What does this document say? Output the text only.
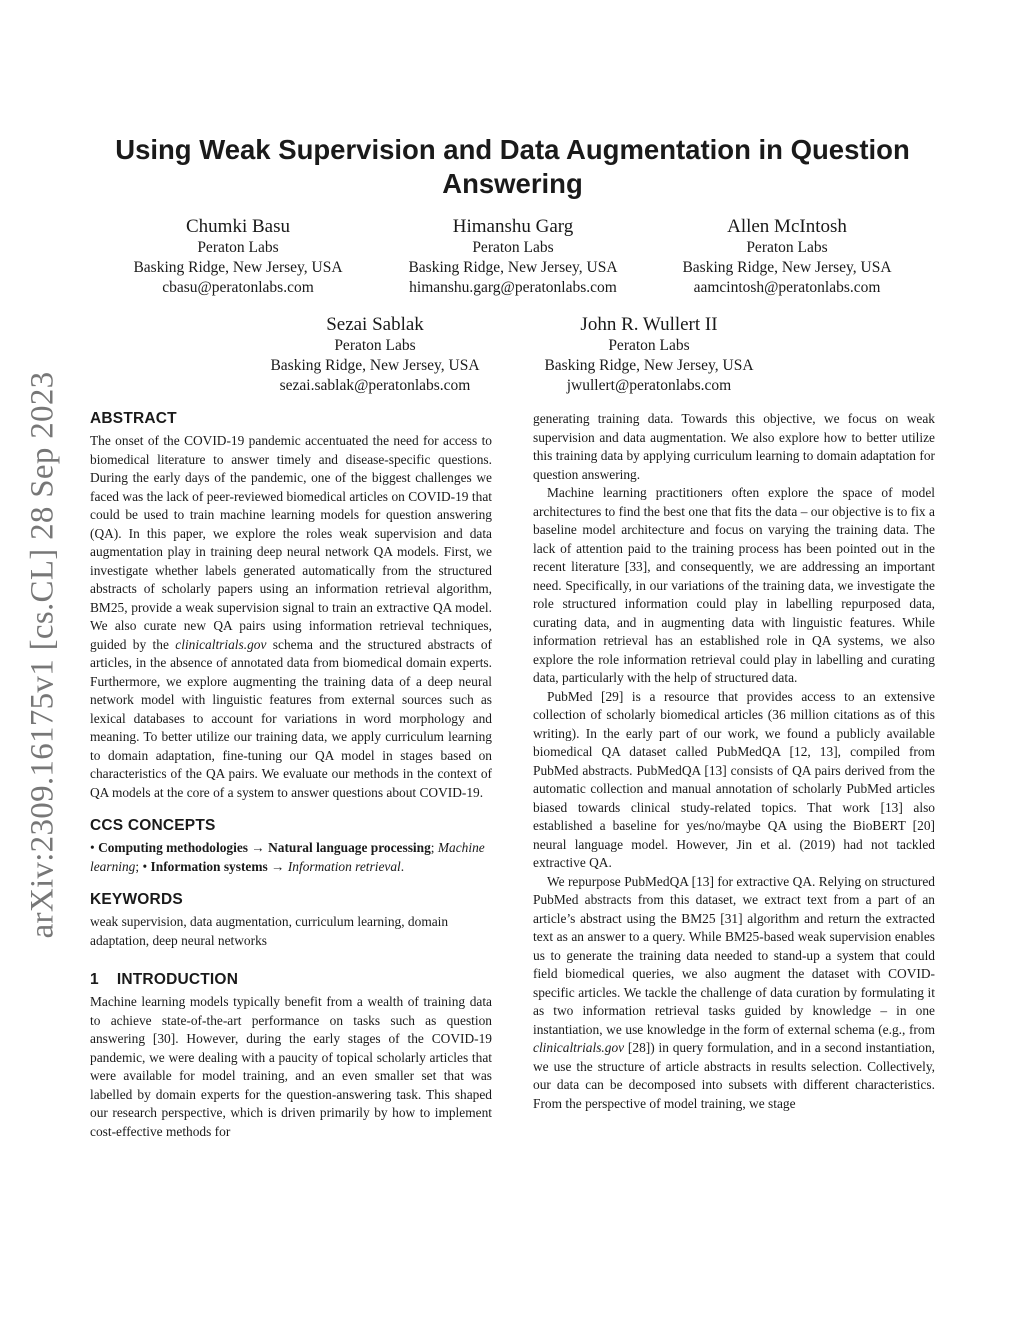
arXiv:2309.16175v1 [cs.CL] 28 Sep 2023
Using Weak Supervision and Data Augmentation in Question Answering
Chumki Basu
Peraton Labs
Basking Ridge, New Jersey, USA
cbasu@peratonlabs.com
Himanshu Garg
Peraton Labs
Basking Ridge, New Jersey, USA
himanshu.garg@peratonlabs.com
Allen McIntosh
Peraton Labs
Basking Ridge, New Jersey, USA
aamcintosh@peratonlabs.com
Sezai Sablak
Peraton Labs
Basking Ridge, New Jersey, USA
sezai.sablak@peratonlabs.com
John R. Wullert II
Peraton Labs
Basking Ridge, New Jersey, USA
jwullert@peratonlabs.com
ABSTRACT

The onset of the COVID-19 pandemic accentuated the need for access to biomedical literature to answer timely and disease-specific questions. During the early days of the pandemic, one of the biggest challenges we faced was the lack of peer-reviewed biomedical articles on COVID-19 that could be used to train machine learning models for question answering (QA). In this paper, we explore the roles weak supervision and data augmentation play in training deep neural network QA models. First, we investigate whether labels generated automatically from the structured abstracts of scholarly papers using an information retrieval algorithm, BM25, provide a weak supervision signal to train an extractive QA model. We also curate new QA pairs using information retrieval techniques, guided by the clinicaltrials.gov schema and the structured abstracts of articles, in the absence of annotated data from biomedical domain experts. Furthermore, we explore augmenting the training data of a deep neural network model with linguistic features from external sources such as lexical databases to account for variations in word morphology and meaning. To better utilize our training data, we apply curriculum learning to domain adaptation, fine-tuning our QA model in stages based on characteristics of the QA pairs. We evaluate our methods in the context of QA models at the core of a system to answer questions about COVID-19.

CCS CONCEPTS

• Computing methodologies → Natural language processing; Machine learning; • Information systems → Information retrieval.

KEYWORDS

weak supervision, data augmentation, curriculum learning, domain adaptation, deep neural networks

1 INTRODUCTION

Machine learning models typically benefit from a wealth of training data to achieve state-of-the-art performance on tasks such as question answering [30]. However, during the early stages of the COVID-19 pandemic, we were dealing with a paucity of topical scholarly articles that were available for model training, and an even smaller set that was labelled by domain experts for the question-answering task. This shaped our research perspective, which is driven primarily by how to implement cost-effective methods for

generating training data. Towards this objective, we focus on weak supervision and data augmentation. We also explore how to better utilize this training data by applying curriculum learning to domain adaptation for question answering.

Machine learning practitioners often explore the space of model architectures to find the best one that fits the data – our objective is to fix a baseline model architecture and focus on varying the training data. The lack of attention paid to the training process has been pointed out in the recent literature [33], and consequently, we are addressing an important need. Specifically, in our variations of the training data, we investigate the role structured information could play in labelling repurposed data, curating data, and in augmenting data with linguistic features. While information retrieval has an established role in QA systems, we also explore the role information retrieval could play in labelling and curating data, particularly with the help of structured data.

PubMed [29] is a resource that provides access to an extensive collection of scholarly biomedical articles (36 million citations as of this writing). In the early part of our work, we found a publicly available biomedical QA dataset called PubMedQA [12, 13], compiled from PubMed abstracts. PubMedQA [13] consists of QA pairs derived from the automatic collection and manual annotation of scholarly PubMed articles biased towards clinical study-related topics. That work [13] also established a baseline for yes/no/maybe QA using the BioBERT [20] neural language model. However, Jin et al. (2019) had not tackled extractive QA.

We repurpose PubMedQA [13] for extractive QA. Relying on structured PubMed abstracts from this dataset, we extract text from a part of an article’s abstract using the BM25 [31] algorithm and return the extracted text as an answer to a query. While BM25-based weak supervision enables us to generate the training data needed to stand-up a system that could field biomedical queries, we also augment the dataset with COVID-specific articles. We tackle the challenge of data curation by formulating it as two information retrieval tasks guided by knowledge – in one instantiation, we use knowledge in the form of external schema (e.g., from clinicaltrials.gov [28]) in query formulation, and in a second instantiation, we use the structure of article abstracts in results selection. Collectively, our data can be decomposed into subsets with different characteristics. From the perspective of model training, we stage
